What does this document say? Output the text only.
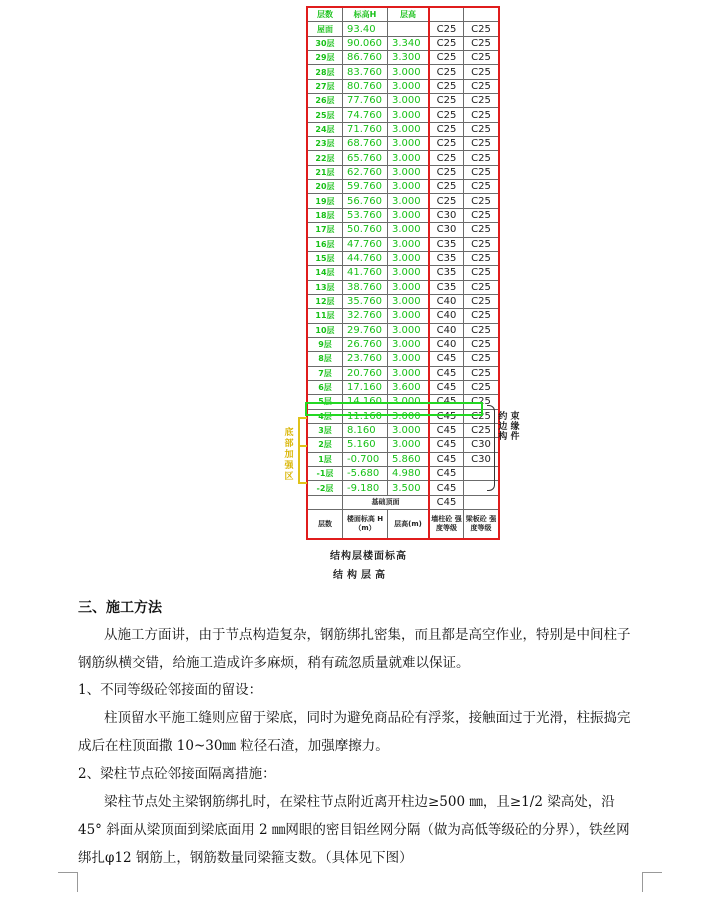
层数	标高H	层高		
屋面	93.40		C25	C25
30层	90.060	3.340	C25	C25
29层	86.760	3.300	C25	C25
28层	83.760	3.000	C25	C25
27层	80.760	3.000	C25	C25
26层	77.760	3.000	C25	C25
25层	74.760	3.000	C25	C25
24层	71.760	3.000	C25	C25
23层	68.760	3.000	C25	C25
22层	65.760	3.000	C25	C25
21层	62.760	3.000	C25	C25
20层	59.760	3.000	C25	C25
19层	56.760	3.000	C25	C25
18层	53.760	3.000	C30	C25
17层	50.760	3.000	C30	C25
16层	47.760	3.000	C35	C25
15层	44.760	3.000	C35	C25
14层	41.760	3.000	C35	C25
13层	38.760	3.000	C35	C25
12层	35.760	3.000	C40	C25
11层	32.760	3.000	C40	C25
10层	29.760	3.000	C40	C25
9层	26.760	3.000	C40	C25
8层	23.760	3.000	C45	C25
7层	20.760	3.000	C45	C25
6层	17.160	3.600	C45	C25
5层	14.160	3.000	C45	C25
4层	11.160	3.000	C45	C25
3层	8.160	3.000	C45	C25
2层	5.160	3.000	C45	C30
1层	-0.700	5.860	C45	C30
-1层	-5.680	4.980	C45	
-2层	-9.180	3.500	C45	
	基础顶面		C45	
层数	楼面标高 H（m）	层高(m)	墙柱砼 强度等级	梁板砼 强度等级
底
部
加
强
区
约 束
边 缘
构 件
结构层楼面标高
结构层高
三、施工方法

从施工方面讲，由于节点构造复杂，钢筋绑扎密集，而且都是高空作业，特别是中间柱子钢筋纵横交错，给施工造成许多麻烦，稍有疏忽质量就难以保证。

1、不同等级砼邻接面的留设：

柱顶留水平施工缝则应留于梁底，同时为避免商品砼有浮浆，接触面过于光滑，柱振捣完成后在柱顶面撒 10~30㎜ 粒径石渣，加强摩擦力。

2、梁柱节点砼邻接面隔离措施：

梁柱节点处主梁钢筋绑扎时，在梁柱节点附近离开柱边≥500 ㎜，且≥1/2 梁高处，沿 45° 斜面从梁顶面到梁底面用 2 ㎜网眼的密目铝丝网分隔（做为高低等级砼的分界），铁丝网绑扎φ12 钢筋上，钢筋数量同梁箍支数。（具体见下图）
